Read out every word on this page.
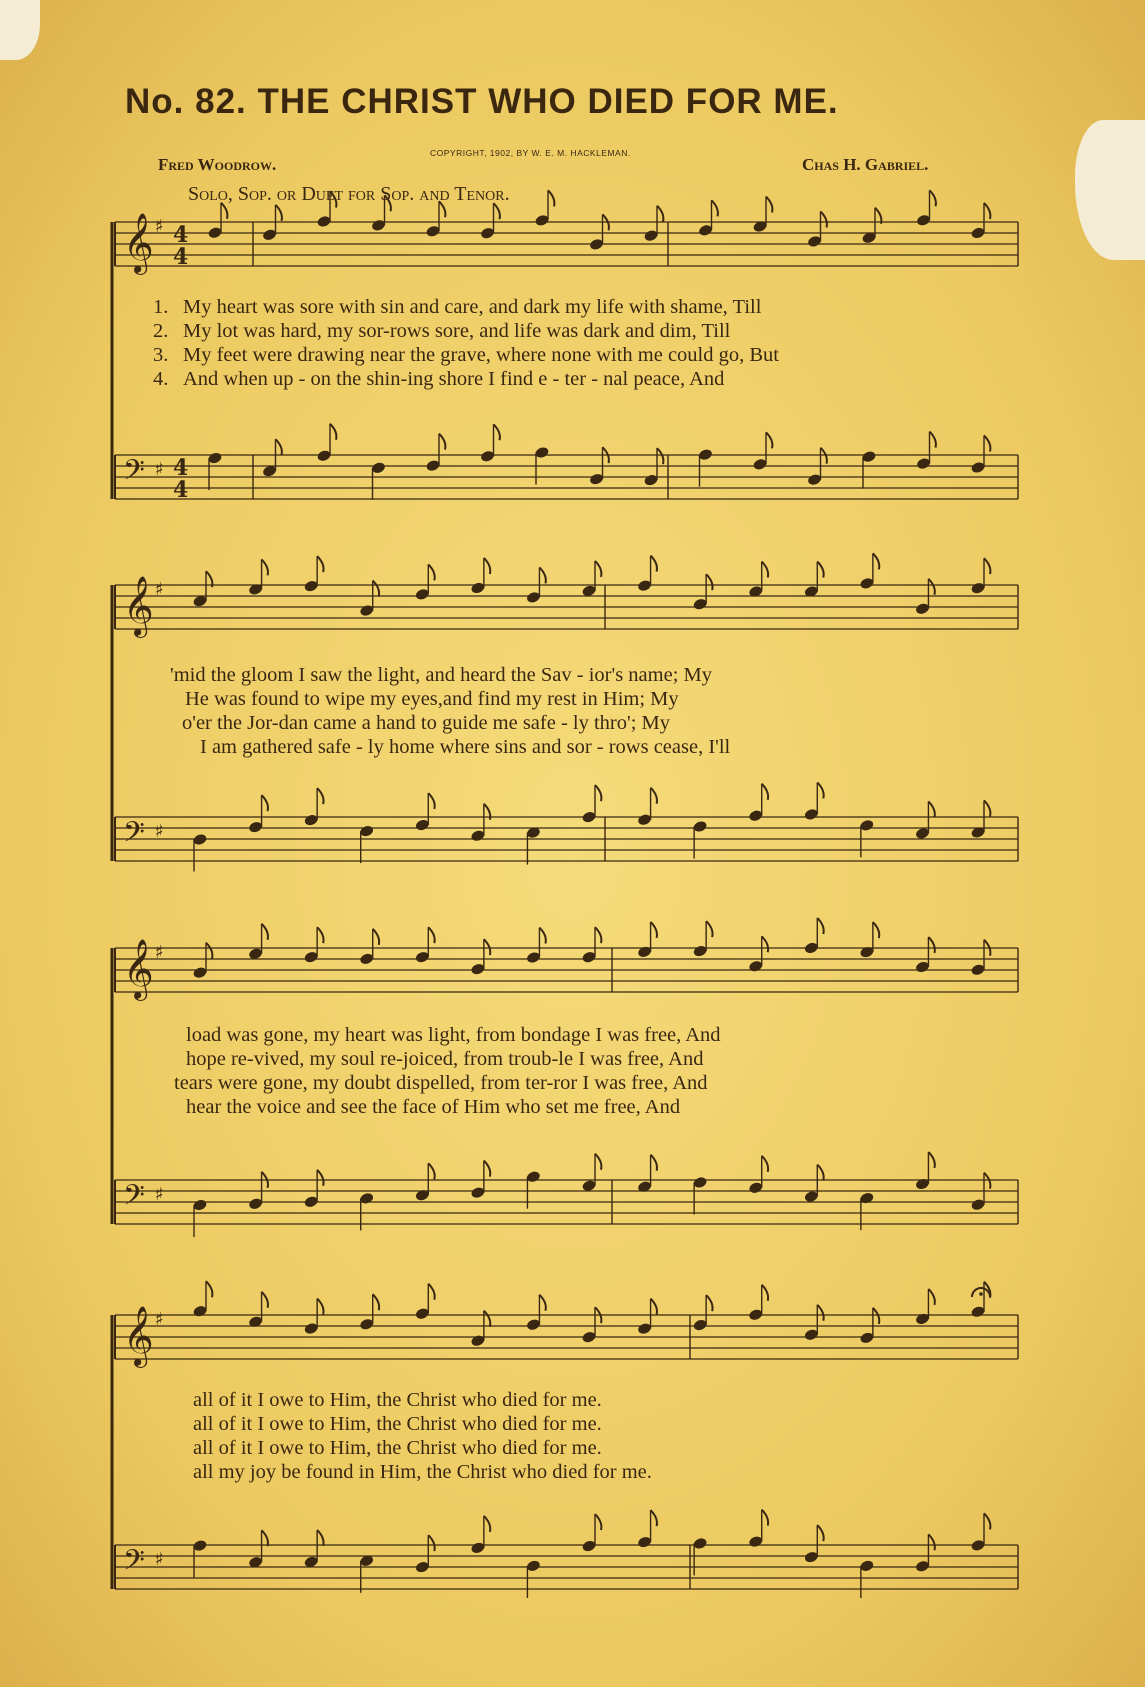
No. 82. THE CHRIST WHO DIED FOR ME.
Fred Woodrow.
COPYRIGHT, 1902, BY W. E. M. HACKLEMAN.
Chas H. Gabriel.
Solo, Sop. or Duet for Sop. and Tenor.
𝄞 ♯ 4
4
𝄢 ♯ 4
4
𝄞 ♯
𝄢 ♯
𝄞 ♯
𝄢 ♯
𝄞 ♯
𝄢 ♯
1. My heart was sore with sin and care, and dark my life with shame, Till
2. My lot was hard, my sor-rows sore, and life was dark and dim, Till
3. My feet were drawing near the grave, where none with me could go, But
4. And when up - on the shin-ing shore I find e - ter - nal peace, And
'mid the gloom I saw the light, and heard the Sav - ior's name; My
He was found to wipe my eyes,and find my rest in Him; My
o'er the Jor-dan came a hand to guide me safe - ly thro'; My
I am gathered safe - ly home where sins and sor - rows cease, I'll
load was gone, my heart was light, from bondage I was free, And
hope re-vived, my soul re-joiced, from troub-le I was free, And
tears were gone, my doubt dispelled, from ter-ror I was free, And
hear the voice and see the face of Him who set me free, And
all of it I owe to Him, the Christ who died for me.
all of it I owe to Him, the Christ who died for me.
all of it I owe to Him, the Christ who died for me.
all my joy be found in Him, the Christ who died for me.
